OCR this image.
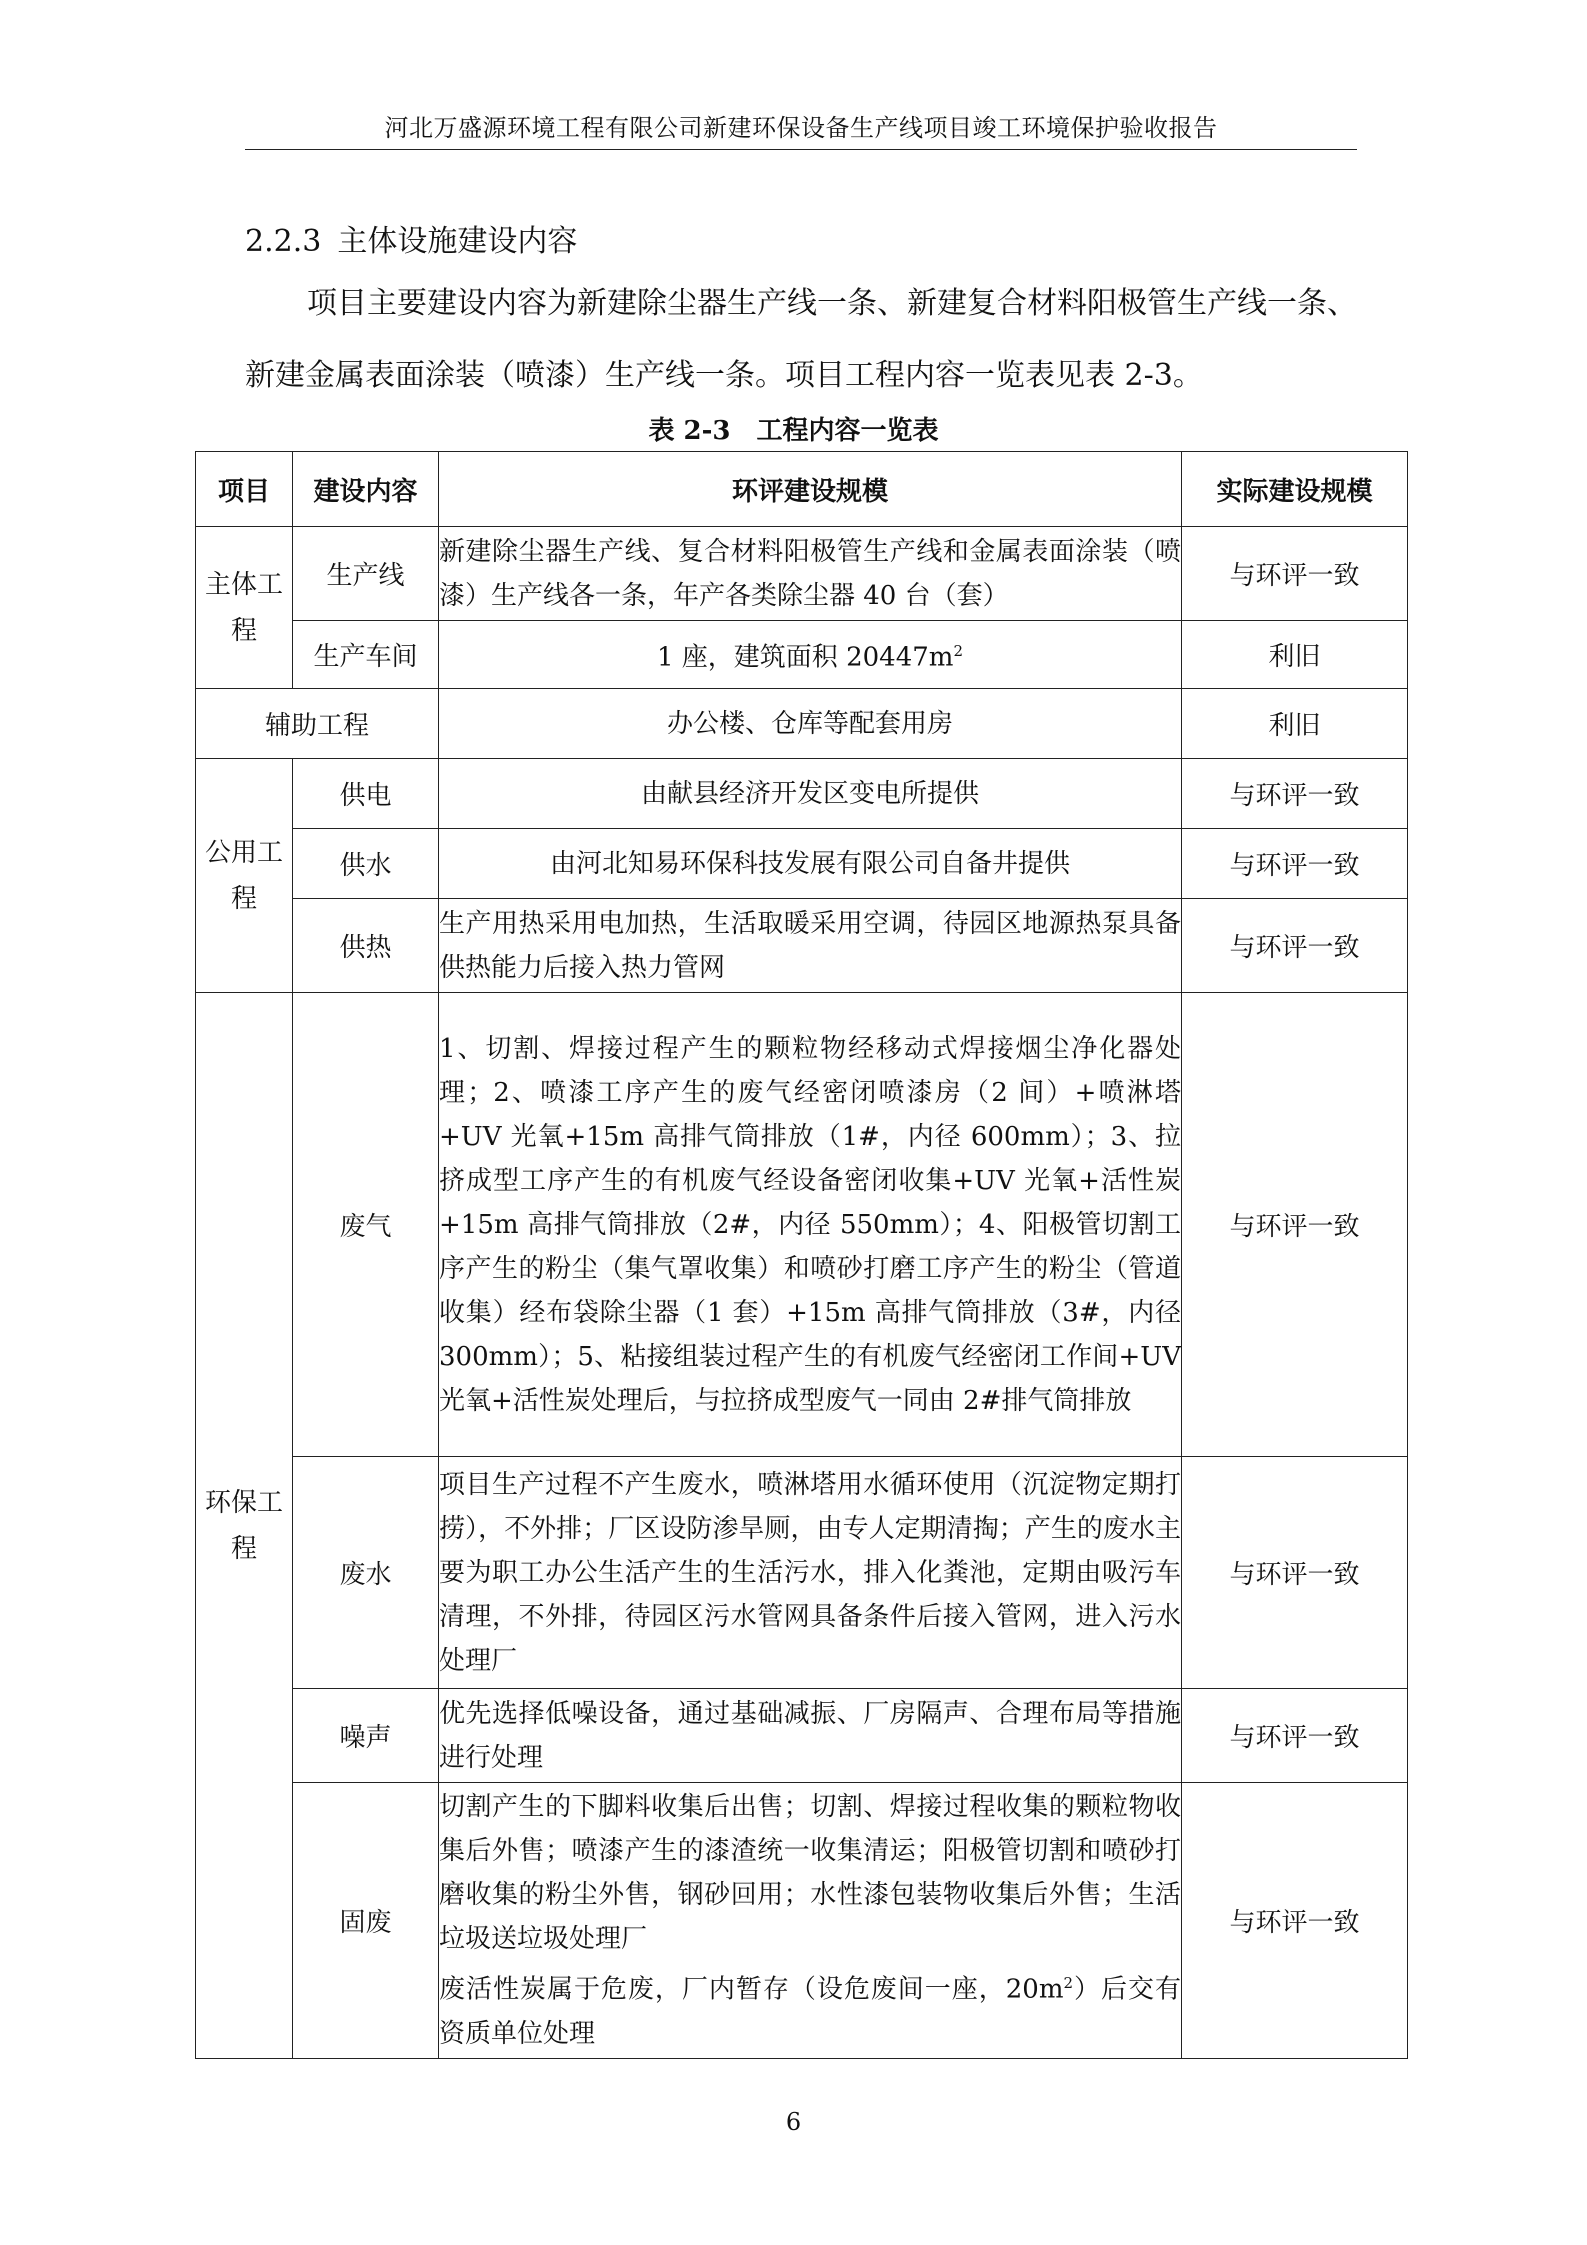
河北万盛源环境工程有限公司新建环保设备生产线项目竣工环境保护验收报告
2.2.3 主体设施建设内容
项目主要建设内容为新建除尘器生产线一条、新建复合材料阳极管生产线一条、新建金属表面涂装（喷漆）生产线一条。项目工程内容一览表见表 2-3。
表 2-3 工程内容一览表
项目	建设内容	环评建设规模	实际建设规模
主体工程	生产线	新建除尘器生产线、复合材料阳极管生产线和金属表面涂装（喷漆）生产线各一条，年产各类除尘器 40 台（套）	与环评一致
	生产车间	1 座，建筑面积 $20447m^2$	利旧
辅助工程		办公楼、仓库等配套用房	利旧
公用工程	供电	由献县经济开发区变电所提供	与环评一致
	供水	由河北知易环保科技发展有限公司自备井提供	与环评一致
	供热	生产用热采用电加热，生活取暖采用空调，待园区地源热泵具备供热能力后接入热力管网	与环评一致
环保工程	废气	1、切割、焊接过程产生的颗粒物经移动式焊接烟尘净化器处理；2、喷漆工序产生的废气经密闭喷漆房（2 间）+喷淋塔+UV 光氧+15m 高排气筒排放（1#，内径 600mm）；3、拉挤成型工序产生的有机废气经设备密闭收集+UV 光氧+活性炭+15m 高排气筒排放（2#，内径 550mm）；4、阳极管切割工序产生的粉尘（集气罩收集）和喷砂打磨工序产生的粉尘（管道收集）经布袋除尘器（1 套）+15m 高排气筒排放（3#，内径 300mm）；5、粘接组装过程产生的有机废气经密闭工作间+UV 光氧+活性炭处理后，与拉挤成型废气一同由 2#排气筒排放	与环评一致
	废水	项目生产过程不产生废水，喷淋塔用水循环使用（沉淀物定期打捞），不外排；厂区设防渗旱厕，由专人定期清掏；产生的废水主要为职工办公生活产生的生活污水，排入化粪池，定期由吸污车清理，不外排，待园区污水管网具备条件后接入管网，进入污水处理厂	与环评一致
	噪声	优先选择低噪设备，通过基础减振、厂房隔声、合理布局等措施进行处理	与环评一致
	固废	切割产生的下脚料收集后出售；切割、焊接过程收集的颗粒物收集后外售；喷漆产生的漆渣统一收集清运；阳极管切割和喷砂打磨收集的粉尘外售，钢砂回用；水性漆包装物收集后外售；生活垃圾送垃圾处理厂
废活性炭属于危废，厂内暂存（设危废间一座，$20m^2$）后交有资质单位处理	与环评一致
6
